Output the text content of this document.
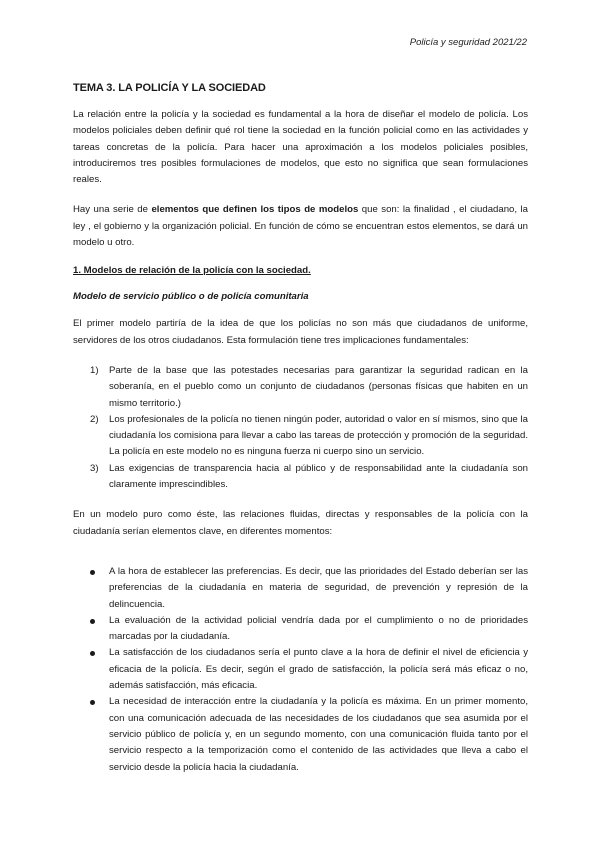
Policía y seguridad 2021/22
TEMA 3. LA POLICÍA Y LA SOCIEDAD

La relación entre la policía y la sociedad es fundamental a la hora de diseñar el modelo de policía. Los modelos policiales deben definir qué rol tiene la sociedad en la función policial como en las actividades y tareas concretas de la policía. Para hacer una aproximación a los modelos policiales posibles, introduciremos tres posibles formulaciones de modelos, que esto no significa que sean formulaciones reales.

Hay una serie de elementos que definen los tipos de modelos que son: la finalidad , el ciudadano, la ley , el gobierno y la organización policial. En función de cómo se encuentran estos elementos, se dará un modelo u otro.

1. Modelos de relación de la policía con la sociedad.
Modelo de servicio público o de policía comunitaria

El primer modelo partiría de la idea de que los policías no son más que ciudadanos de uniforme, servidores de los otros ciudadanos. Esta formulación tiene tres implicaciones fundamentales:

1) Parte de la base que las potestades necesarias para garantizar la seguridad radican en la soberanía, en el pueblo como un conjunto de ciudadanos (personas físicas que habiten en un mismo territorio.)
2) Los profesionales de la policía no tienen ningún poder, autoridad o valor en sí mismos, sino que la ciudadanía los comisiona para llevar a cabo las tareas de protección y promoción de la seguridad. La policía en este modelo no es ninguna fuerza ni cuerpo sino un servicio.
3) Las exigencias de transparencia hacia al público y de responsabilidad ante la ciudadanía son claramente imprescindibles.

En un modelo puro como éste, las relaciones fluidas, directas y responsables de la policía con la ciudadanía serían elementos clave, en diferentes momentos:

A la hora de establecer las preferencias. Es decir, que las prioridades del Estado deberían ser las preferencias de la ciudadanía en materia de seguridad, de prevención y represión de la delincuencia.
La evaluación de la actividad policial vendría dada por el cumplimiento o no de prioridades marcadas por la ciudadanía.
La satisfacción de los ciudadanos sería el punto clave a la hora de definir el nivel de eficiencia y eficacia de la policía. Es decir, según el grado de satisfacción, la policía será más eficaz o no, además satisfacción, más eficacia.
La necesidad de interacción entre la ciudadanía y la policía es máxima. En un primer momento, con una comunicación adecuada de las necesidades de los ciudadanos que sea asumida por el servicio público de policía y, en un segundo momento, con una comunicación fluida tanto por el servicio respecto a la temporización como el contenido de las actividades que lleva a cabo el servicio desde la policía hacia la ciudadanía.
